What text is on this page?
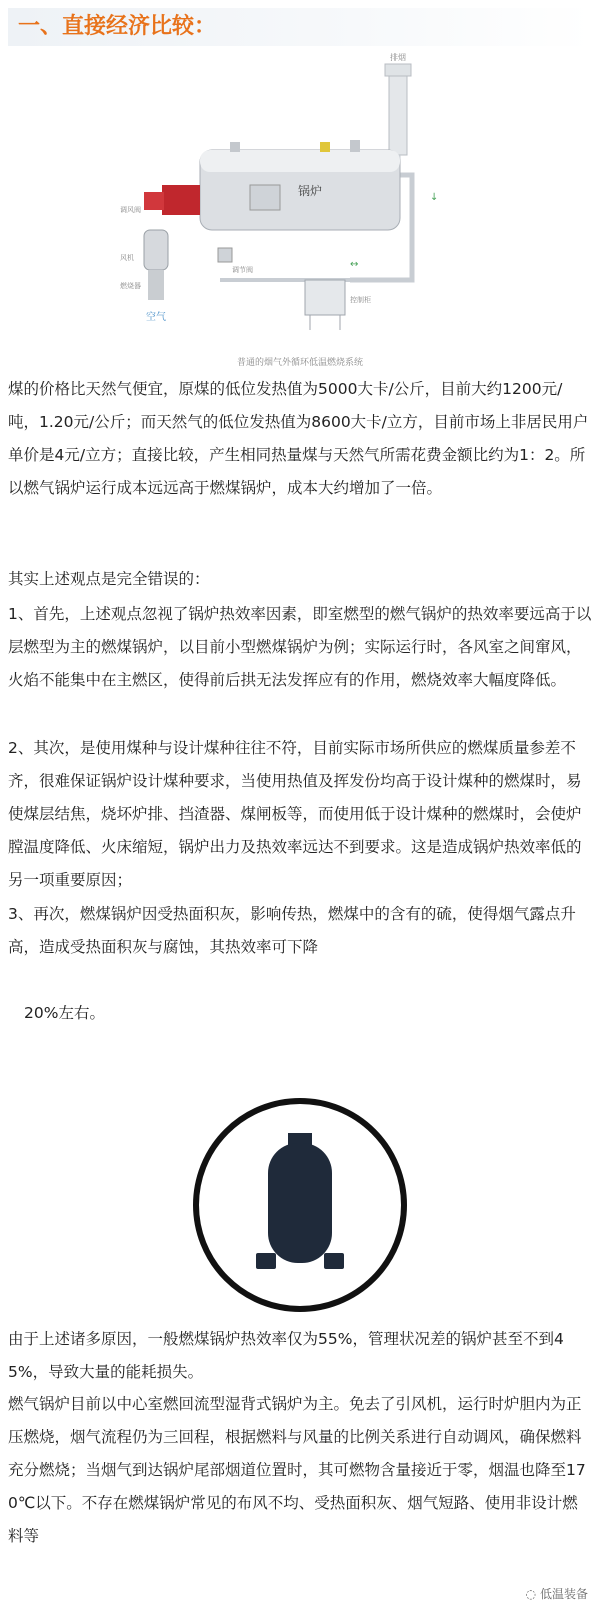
一、直接经济比较：
排烟
锅炉
调风阀
风机
燃烧器
空气
调节阀
控制柜
↓
↔
普通的烟气外循环低温燃烧系统

煤的价格比天然气便宜，原煤的低位发热值为5000大卡/公斤，目前大约1200元/吨，1.20元/公斤；而天然气的低位发热值为8600大卡/立方，目前市场上非居民用户单价是4元/立方；直接比较，产生相同热量煤与天然气所需花费金额比约为1：2。所以燃气锅炉运行成本远远高于燃煤锅炉，成本大约增加了一倍。

其实上述观点是完全错误的：

1、首先，上述观点忽视了锅炉热效率因素，即室燃型的燃气锅炉的热效率要远高于以层燃型为主的燃煤锅炉，以目前小型燃煤锅炉为例；实际运行时，各风室之间窜风，火焰不能集中在主燃区，使得前后拱无法发挥应有的作用，燃烧效率大幅度降低。

2、其次，是使用煤种与设计煤种往往不符，目前实际市场所供应的燃煤质量参差不齐，很难保证锅炉设计煤种要求，当使用热值及挥发份均高于设计煤种的燃煤时，易使煤层结焦，烧坏炉排、挡渣器、煤闸板等，而使用低于设计煤种的燃煤时，会使炉膛温度降低、火床缩短，锅炉出力及热效率远达不到要求。这是造成锅炉热效率低的另一项重要原因；

3、再次，燃煤锅炉因受热面积灰，影响传热，燃煤中的含有的硫，使得烟气露点升高，造成受热面积灰与腐蚀，其热效率可下降

20%左右。

由于上述诸多原因，一般燃煤锅炉热效率仅为55%，管理状况差的锅炉甚至不到45%，导致大量的能耗损失。

燃气锅炉目前以中心室燃回流型湿背式锅炉为主。免去了引风机，运行时炉胆内为正压燃烧，烟气流程仍为三回程，根据燃料与风量的比例关系进行自动调风，确保燃料充分燃烧；当烟气到达锅炉尾部烟道位置时，其可燃物含量接近于零，烟温也降至170℃以下。不存在燃煤锅炉常见的布风不均、受热面积灰、烟气短路、使用非设计燃料等

◌ 低温装备
